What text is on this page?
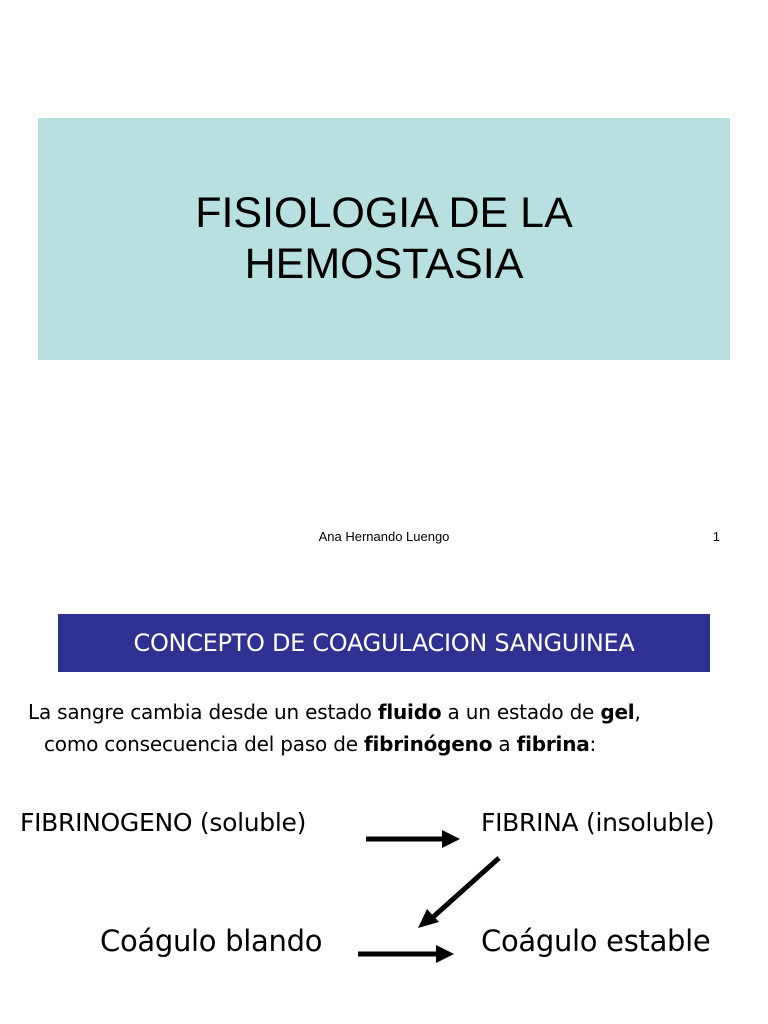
FISIOLOGIA DE LA
HEMOSTASIA
Ana Hernando Luengo	1
CONCEPTO DE COAGULACION SANGUINEA
La sangre cambia desde un estado fluido a un estado de gel,
como consecuencia del paso de fibrinógeno a fibrina:
FIBRINOGENO (soluble)	FIBRINA (insoluble)
Coágulo blando	Coágulo estable
